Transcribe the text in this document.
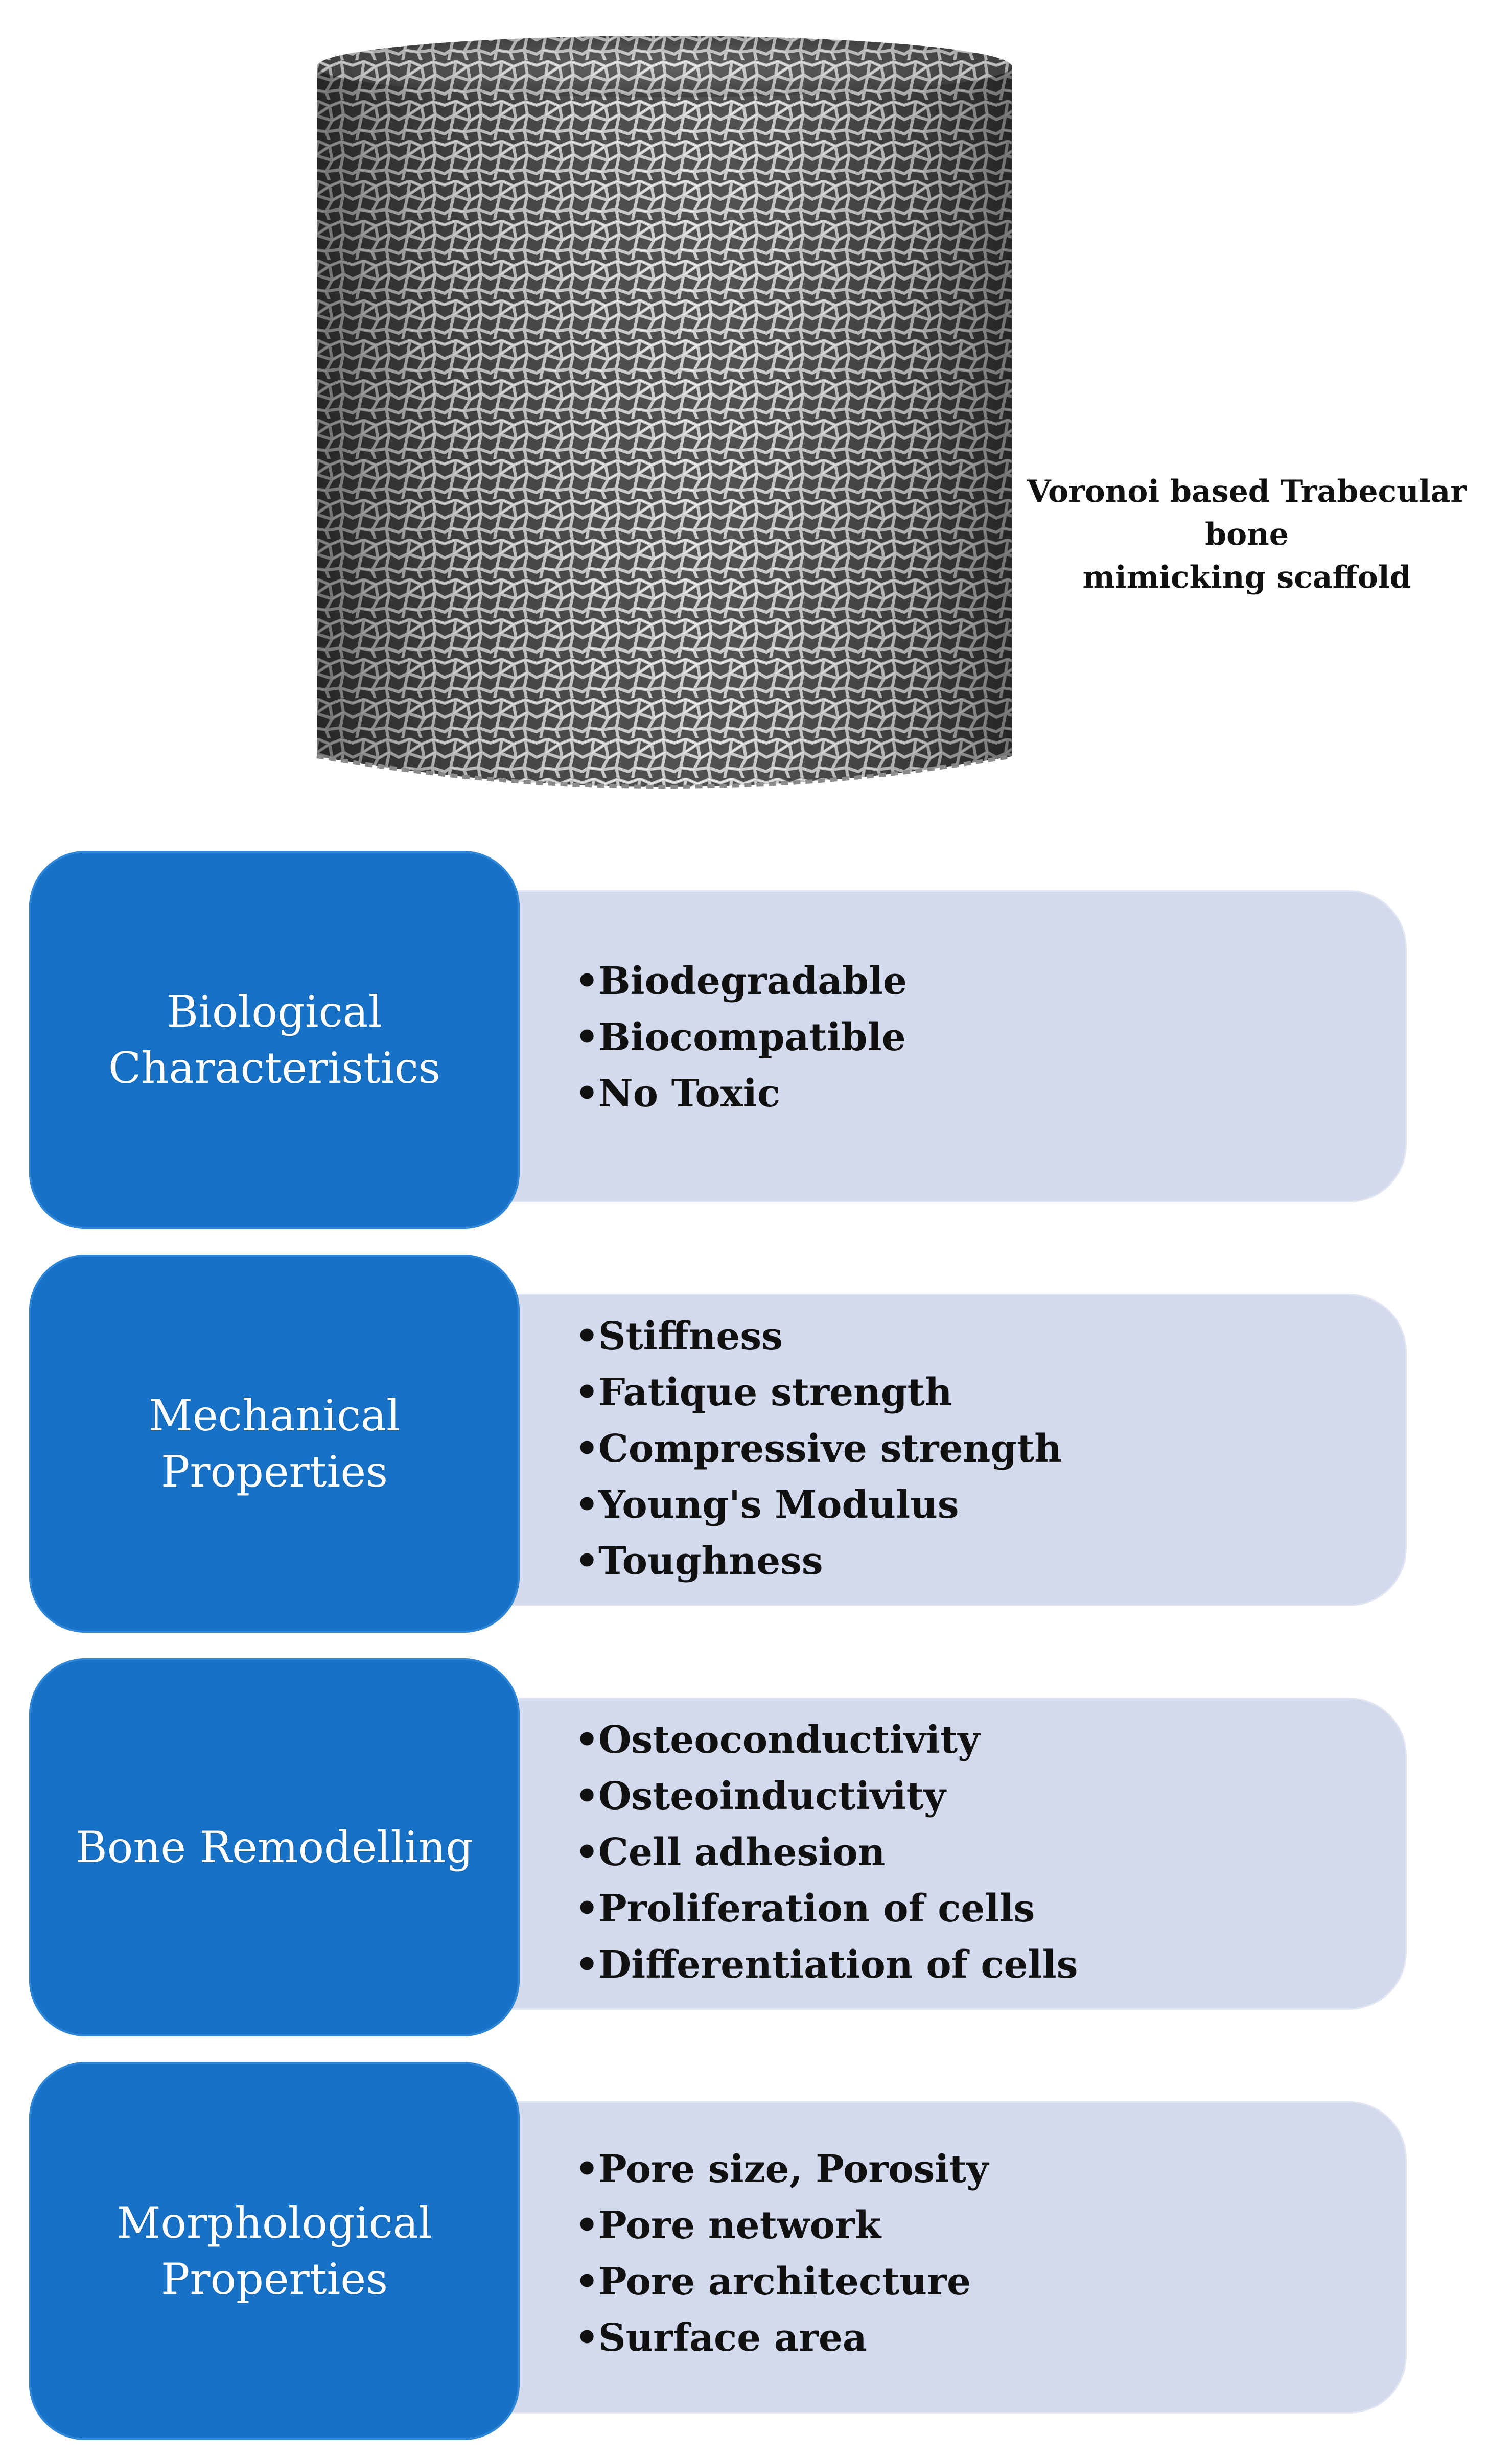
Voronoi based Trabecular bone
mimicking scaffold
Biological
Characteristics
• Biodegradable
• Biocompatible
• No Toxic
Mechanical
Properties
• Stiffness
• Fatique strength
• Compressive strength
• Young's Modulus
• Toughness
Bone Remodelling
• Osteoconductivity
• Osteoinductivity
• Cell adhesion
• Proliferation of cells
• Differentiation of cells
Morphological
Properties
• Pore size, Porosity
• Pore network
• Pore architecture
• Surface area
